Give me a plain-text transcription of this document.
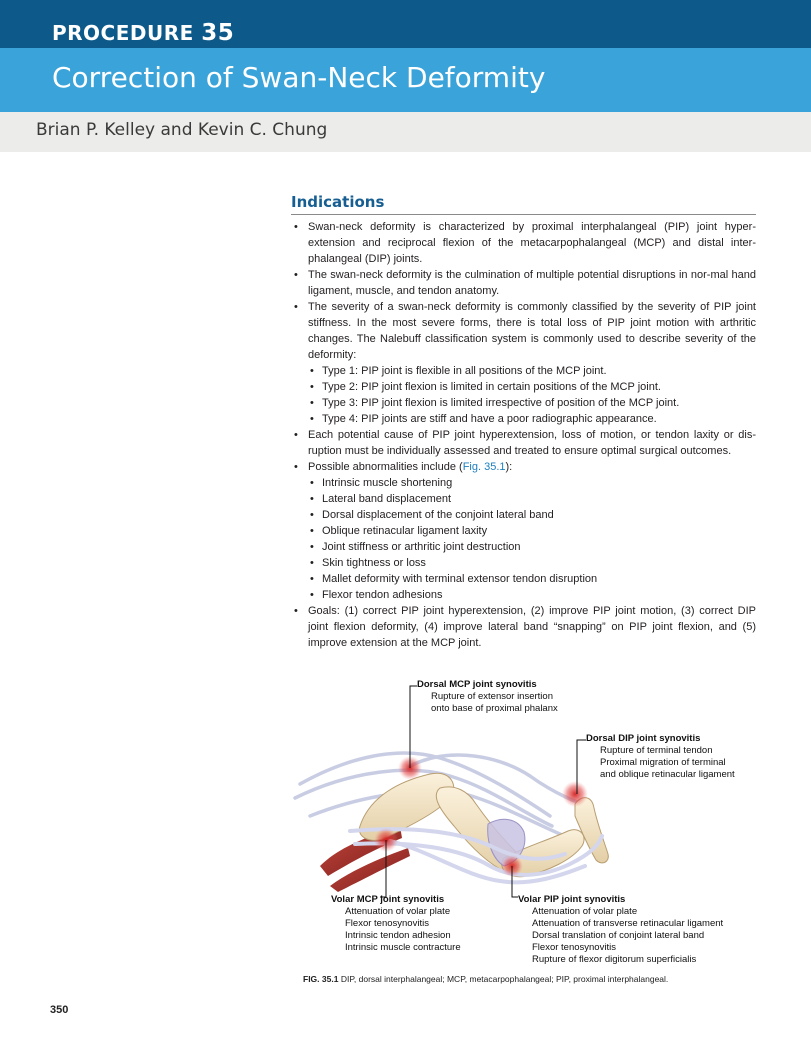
PROCEDURE 35
Correction of Swan-Neck Deformity
Brian P. Kelley and Kevin C. Chung
Indications
• Swan-neck deformity is characterized by proximal interphalangeal (PIP) joint hyper-extension and reciprocal flexion of the metacarpophalangeal (MCP) and distal inter-phalangeal (DIP) joints.
• The swan-neck deformity is the culmination of multiple potential disruptions in nor-mal hand ligament, muscle, and tendon anatomy.
• The severity of a swan-neck deformity is commonly classified by the severity of PIP joint stiffness. In the most severe forms, there is total loss of PIP joint motion with arthritic changes. The Nalebuff classification system is commonly used to describe severity of the deformity:
• Type 1: PIP joint is flexible in all positions of the MCP joint.
• Type 2: PIP joint flexion is limited in certain positions of the MCP joint.
• Type 3: PIP joint flexion is limited irrespective of position of the MCP joint.
• Type 4: PIP joints are stiff and have a poor radiographic appearance.
• Each potential cause of PIP joint hyperextension, loss of motion, or tendon laxity or dis-ruption must be individually assessed and treated to ensure optimal surgical outcomes.
• Possible abnormalities include (Fig. 35.1):
• Intrinsic muscle shortening
• Lateral band displacement
• Dorsal displacement of the conjoint lateral band
• Oblique retinacular ligament laxity
• Joint stiffness or arthritic joint destruction
• Skin tightness or loss
• Mallet deformity with terminal extensor tendon disruption
• Flexor tendon adhesions
• Goals: (1) correct PIP joint hyperextension, (2) improve PIP joint motion, (3) correct DIP joint flexion deformity, (4) improve lateral band “snapping” on PIP joint flexion, and (5) improve extension at the MCP joint.
Dorsal MCP joint synovitis
Rupture of extensor insertion
onto base of proximal phalanx
Dorsal DIP joint synovitis
Rupture of terminal tendon
Proximal migration of terminal
and oblique retinacular ligament
Volar MCP joint synovitis
Attenuation of volar plate
Flexor tenosynovitis
Intrinsic tendon adhesion
Intrinsic muscle contracture
Volar PIP joint synovitis
Attenuation of volar plate
Attenuation of transverse retinacular ligament
Dorsal translation of conjoint lateral band
Flexor tenosynovitis
Rupture of flexor digitorum superficialis
FIG. 35.1 DIP, dorsal interphalangeal; MCP, metacarpophalangeal; PIP, proximal interphalangeal.
350
